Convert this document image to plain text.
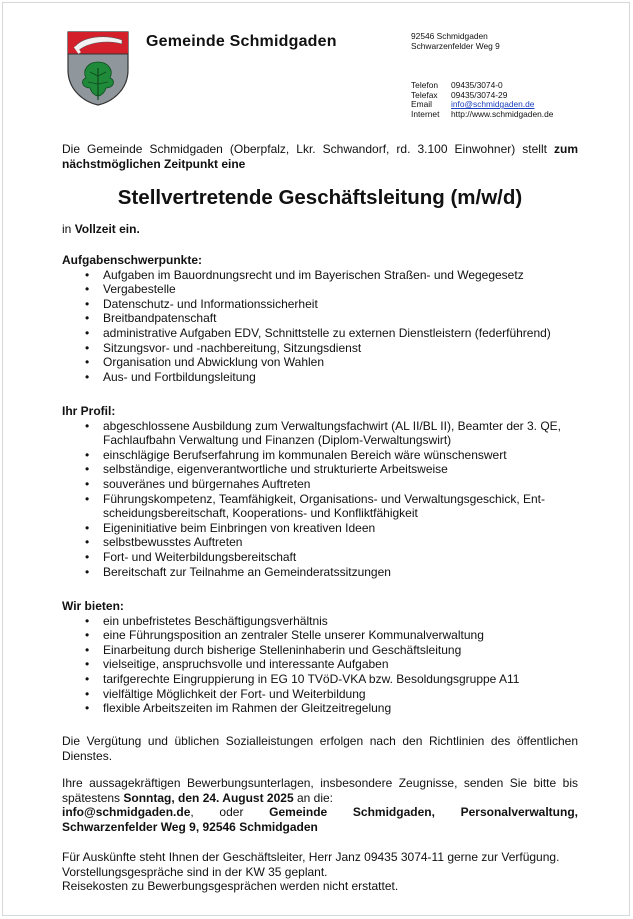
Gemeinde Schmidgaden	92546 Schmidgaden
Schwarzenfelder Weg 9
Telefon	09435/3074-0
Telefax	09435/3074-29
Email	info@schmidgaden.de
Internet	http://www.schmidgaden.de
Die Gemeinde Schmidgaden (Oberpfalz, Lkr. Schwandorf, rd. 3.100 Einwohner) stellt zum nächstmöglichen Zeitpunkt eine
Stellvertretende Geschäftsleitung (m/w/d)
in Vollzeit ein.
Aufgabenschwerpunkte:
• Aufgaben im Bauordnungsrecht und im Bayerischen Straßen- und Wegegesetz
• Vergabestelle
• Datenschutz- und Informationssicherheit
• Breitbandpatenschaft
• administrative Aufgaben EDV, Schnittstelle zu externen Dienstleistern (federführend)
• Sitzungsvor- und -nachbereitung, Sitzungsdienst
• Organisation und Abwicklung von Wahlen
• Aus- und Fortbildungsleitung
Ihr Profil:
• abgeschlossene Ausbildung zum Verwaltungsfachwirt (AL II/BL II), Beamter der 3. QE, Fachlaufbahn Verwaltung und Finanzen (Diplom-Verwaltungswirt)
• einschlägige Berufserfahrung im kommunalen Bereich wäre wünschenswert
• selbständige, eigenverantwortliche und strukturierte Arbeitsweise
• souveränes und bürgernahes Auftreten
• Führungskompetenz, Teamfähigkeit, Organisations- und Verwaltungsgeschick, Ent-scheidungsbereitschaft, Kooperations- und Konfliktfähigkeit
• Eigeninitiative beim Einbringen von kreativen Ideen
• selbstbewusstes Auftreten
• Fort- und Weiterbildungsbereitschaft
• Bereitschaft zur Teilnahme an Gemeinderatssitzungen
Wir bieten:
• ein unbefristetes Beschäftigungsverhältnis
• eine Führungsposition an zentraler Stelle unserer Kommunalverwaltung
• Einarbeitung durch bisherige Stelleninhaberin und Geschäftsleitung
• vielseitige, anspruchsvolle und interessante Aufgaben
• tarifgerechte Eingruppierung in EG 10 TVöD-VKA bzw. Besoldungsgruppe A11
• vielfältige Möglichkeit der Fort- und Weiterbildung
• flexible Arbeitszeiten im Rahmen der Gleitzeitregelung
Die Vergütung und üblichen Sozialleistungen erfolgen nach den Richtlinien des öffentlichen Dienstes.
Ihre aussagekräftigen Bewerbungsunterlagen, insbesondere Zeugnisse, senden Sie bitte bis spätestens Sonntag, den 24. August 2025 an die:
info@schmidgaden.de, oder Gemeinde Schmidgaden, Personalverwaltung, Schwarzenfelder Weg 9, 92546 Schmidgaden
Für Auskünfte steht Ihnen der Geschäftsleiter, Herr Janz 09435 3074-11 gerne zur Verfügung.
Vorstellungsgespräche sind in der KW 35 geplant.
Reisekosten zu Bewerbungsgesprächen werden nicht erstattet.
